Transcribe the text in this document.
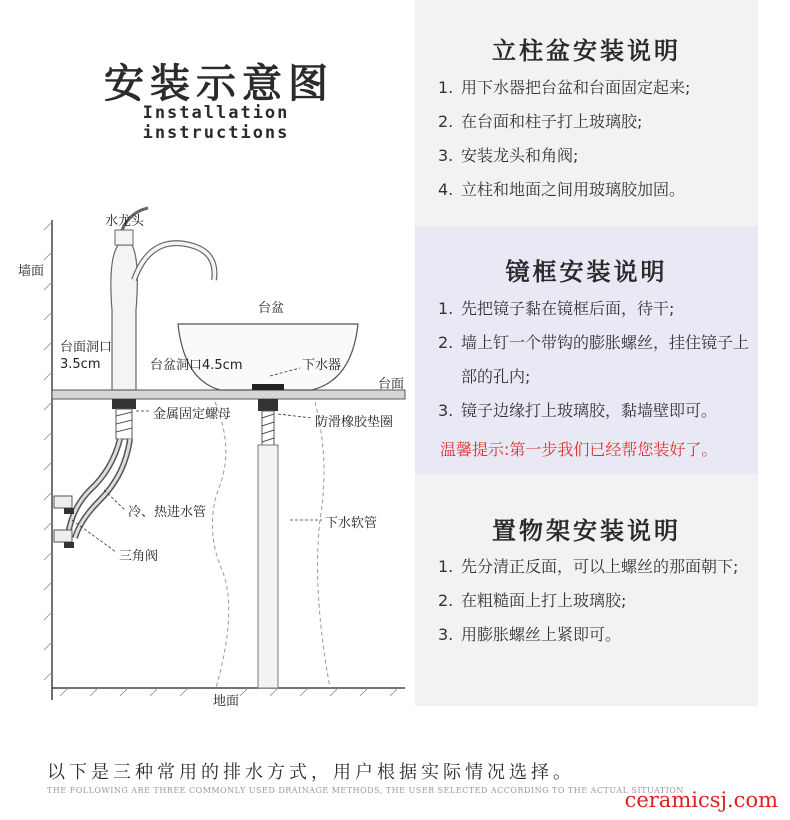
安装示意图
Installation instructions
水龙头
墙面
台盆
台面洞口
3.5cm	台盆洞口4.5cm	下水器
台面
金属固定螺母
防滑橡胶垫圈
冷、热进水管
下水软管
三角阀
地面
立柱盆安装说明
1. 用下水器把台盆和台面固定起来;
2. 在台面和柱子打上玻璃胶;
3. 安装龙头和角阀;
4. 立柱和地面之间用玻璃胶加固。
镜框安装说明
1. 先把镜子黏在镜框后面，待干;
2. 墙上钉一个带钩的膨胀螺丝，挂住镜子上部的孔内;
3. 镜子边缘打上玻璃胶，黏墙壁即可。
温馨提示:第一步我们已经帮您装好了。
置物架安装说明
1. 先分清正反面，可以上螺丝的那面朝下;
2. 在粗糙面上打上玻璃胶;
3. 用膨胀螺丝上紧即可。
以下是三种常用的排水方式，用户根据实际情况选择。
THE FOLLOWING ARE THREE COMMONLY USED DRAINAGE METHODS, THE USER SELECTED ACCORDING TO THE ACTUAL SITUATION
ceramicsj.com
